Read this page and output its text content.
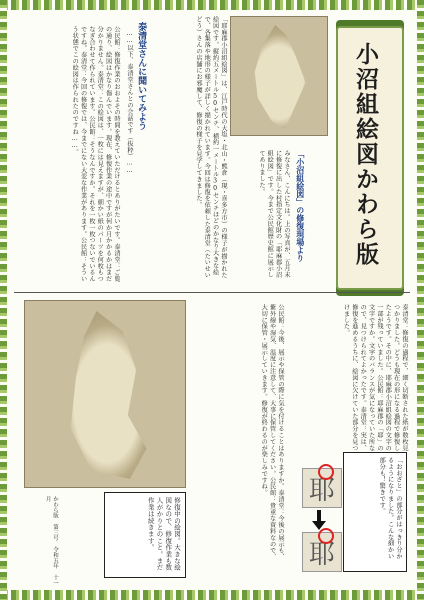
小沼組絵図かわら版
「小沼組絵図」の修復現場より
みなさん、こんにちは。上の写真が、五月末に修復に出した村指定文化財の「耶麻郡小沼組絵図」です。今まで公民館歴史館に展示してありました。
「耶麻郡小沼組絵図」は、江戸時代の大塩・北山・熊倉（現・喜多方市）の様子が描かれた絵図です。縦約五メートル50センチ、横約一メートル30センチほどのかなり大きな絵で、各集落や地形の様子が詳しく描かれています。今回は修復を依頼した泰清堂（たいせいどう）さんの店舗にお邪魔して、修復の様子を見学してきました。
泰清堂さんに聞いてみよう
……以下、泰清堂さんとの会話です（抜粋）……
公民館：修復作業のおおよその時間を教えていただけるとありがたいです。泰清堂：ご覧の通り、絵図はかなり傷んでいます。現在、修復作業の途中ですが何か月かかるかはまだ分かりません。泰清堂：この絵図は、一枚には見えますが、細かい紙のパーツを何枚もつなぎ合わせて作られています。公民館：そうなんですか。それを一枚一枚つないでいるんですね。泰清堂：今回の修復では、今までにない大変な作業があります。公民館：そういう状態でこの絵図は作られたのですね……。
泰清堂：修復の過程で、細く切断された紙が数枚見つかりました。どうも現在の形になる過程で修復したようです。その中に、耶麻郡小沼組絵図の文字の一部が残っていました。公民館：耶麻郡の「耶」の文字ですか。文字のバランスが気になっていた所なので、見つけられてよかったです。泰清堂：実は、修復を進めるうちに、絵図に欠けていた部分を見つけました。
耶
耶	「おおざと」の部分がはっきり分かるようになりました。こんな細かい部分も！驚きです。
公民館：今後、展示や保管の際に気を付けることはありますか。泰清堂：今後の展示も、紫外線や湿気、温度に注意して、大事に保管してください。公民館：貴重な資料なので、大切に保管・展示していきます。修復が終わるのが楽しみですね。
修復中の絵図。大きな絵図なので、修復作業も数人がかりとのこと。まだ作業は続きます。
かわら版 第三号 令和五年 十一月
